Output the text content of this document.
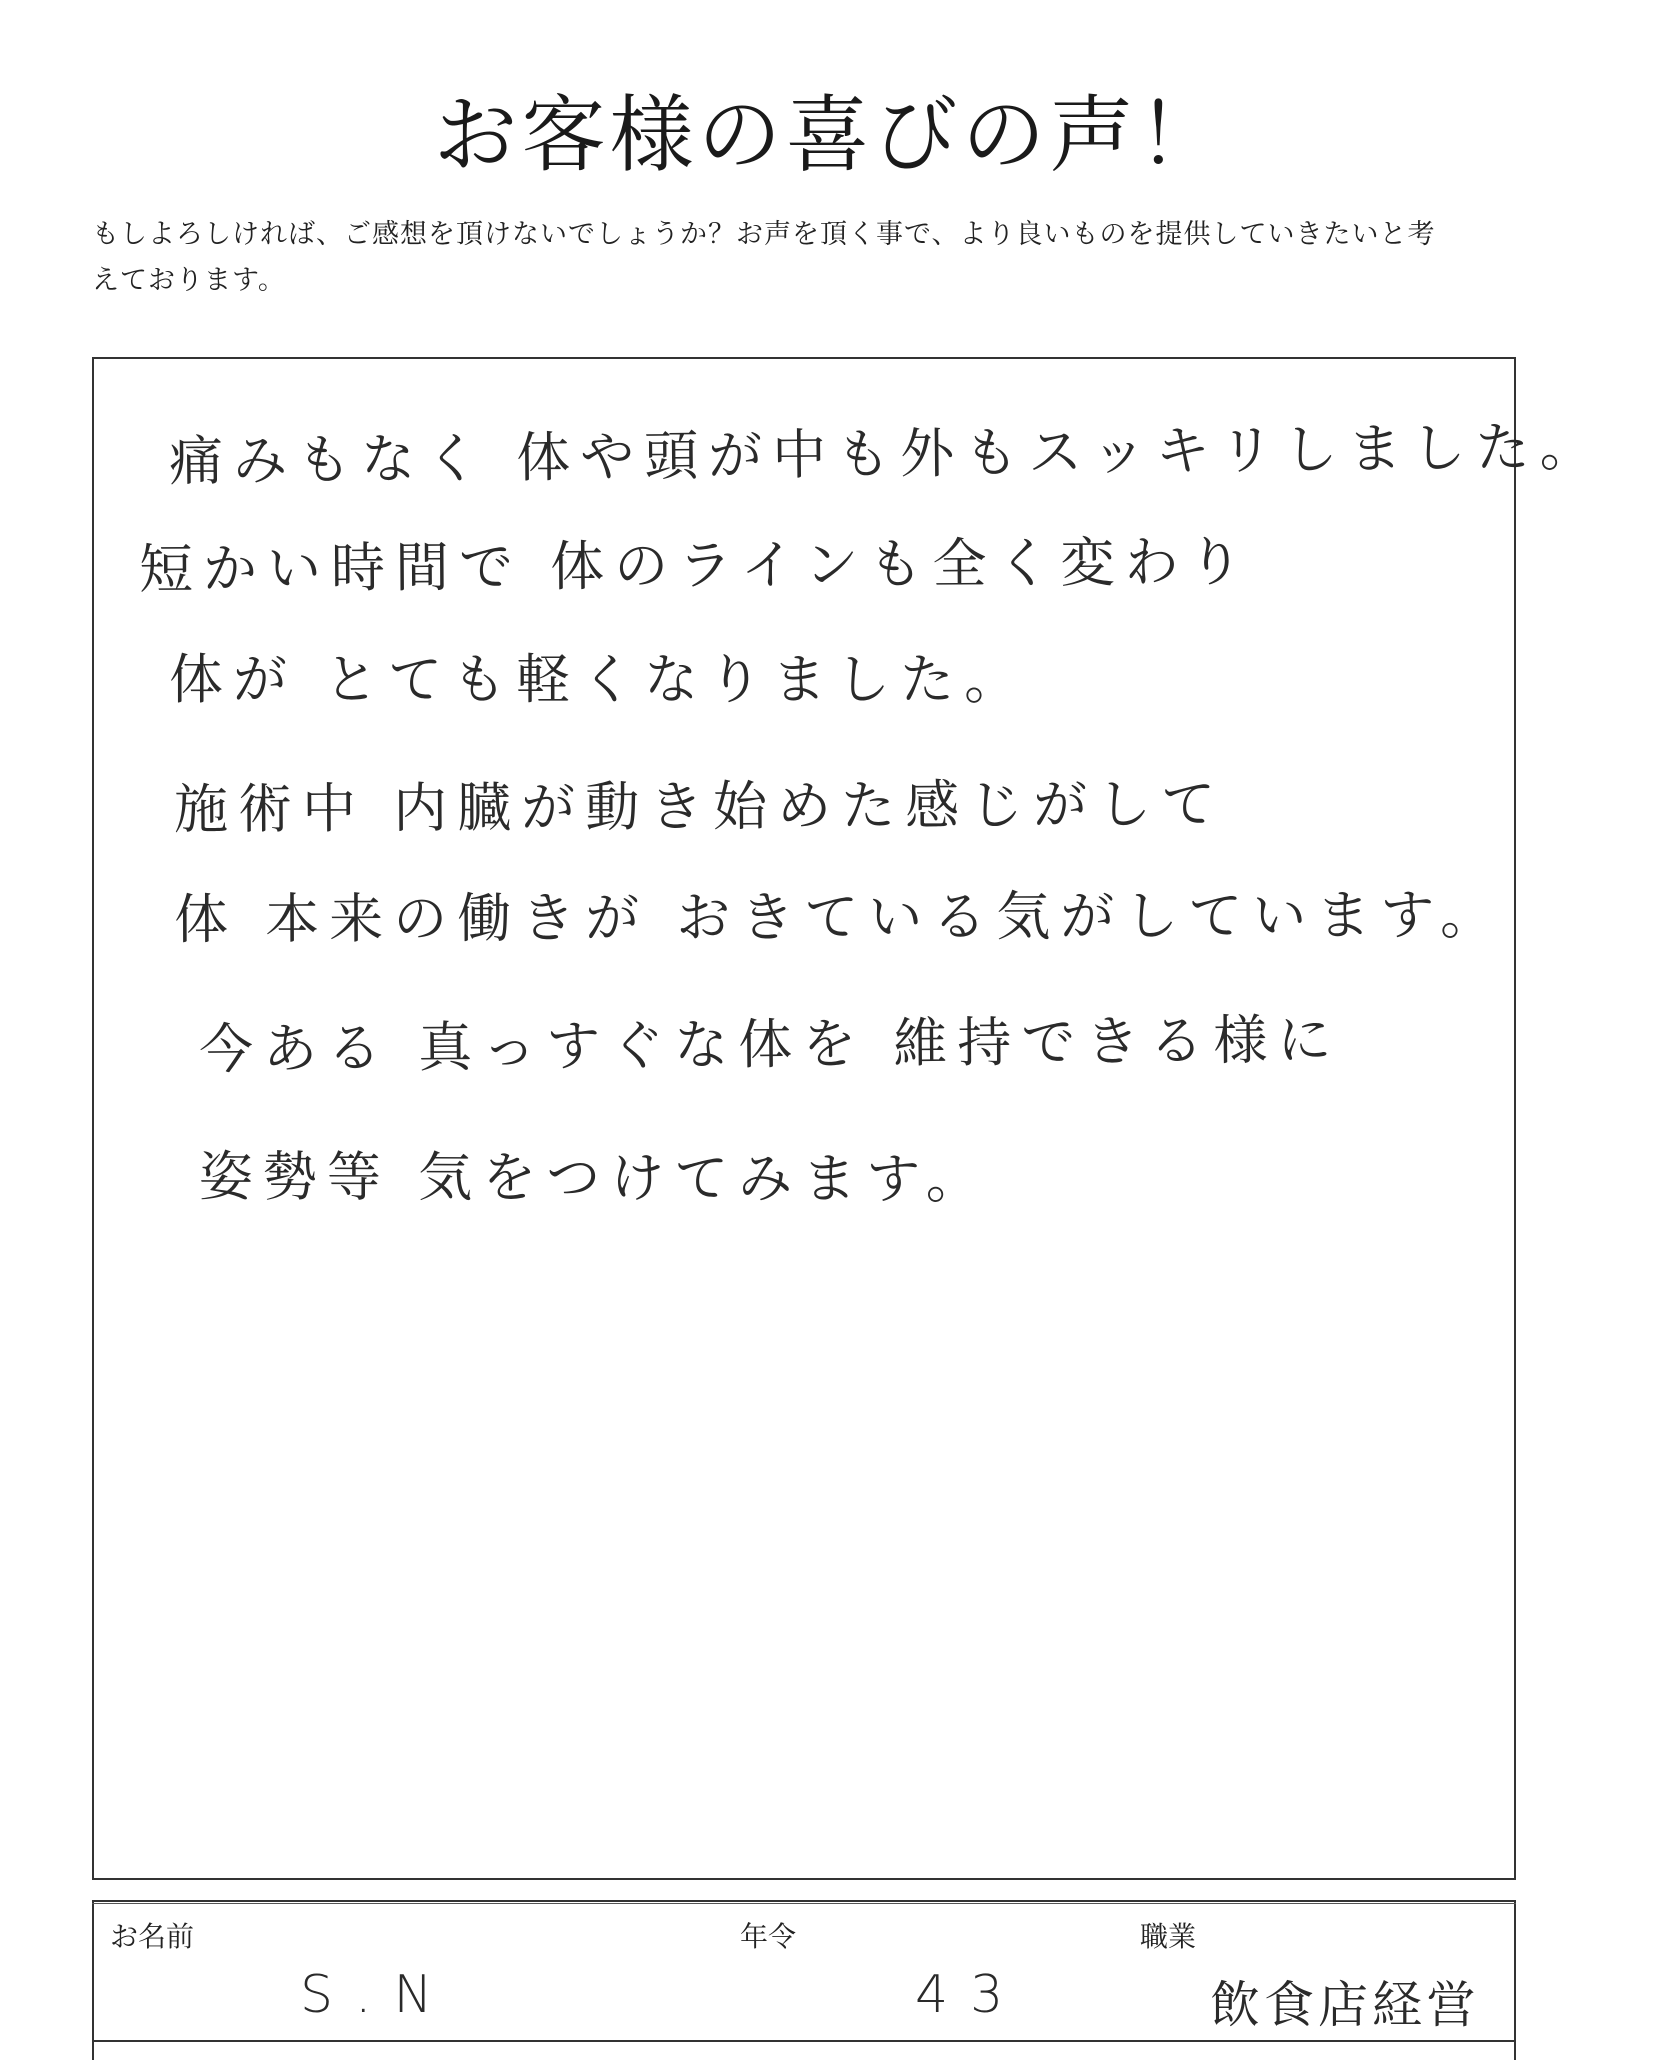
お客様の喜びの声！
もしよろしければ、ご感想を頂けないでしょうか？お声を頂く事で、より良いものを提供していきたいと考
えております。
痛みもなく 体や頭が中も外もスッキリしました。
短かい時間で 体のラインも全く変わり
体が とても軽くなりました。
施術中 内臓が動き始めた感じがして
体 本来の働きが おきている気がしています。
今ある 真っすぐな体を 維持できる様に
姿勢等 気をつけてみます。
お名前
S.N
年令
43
職業
飲食店経営
